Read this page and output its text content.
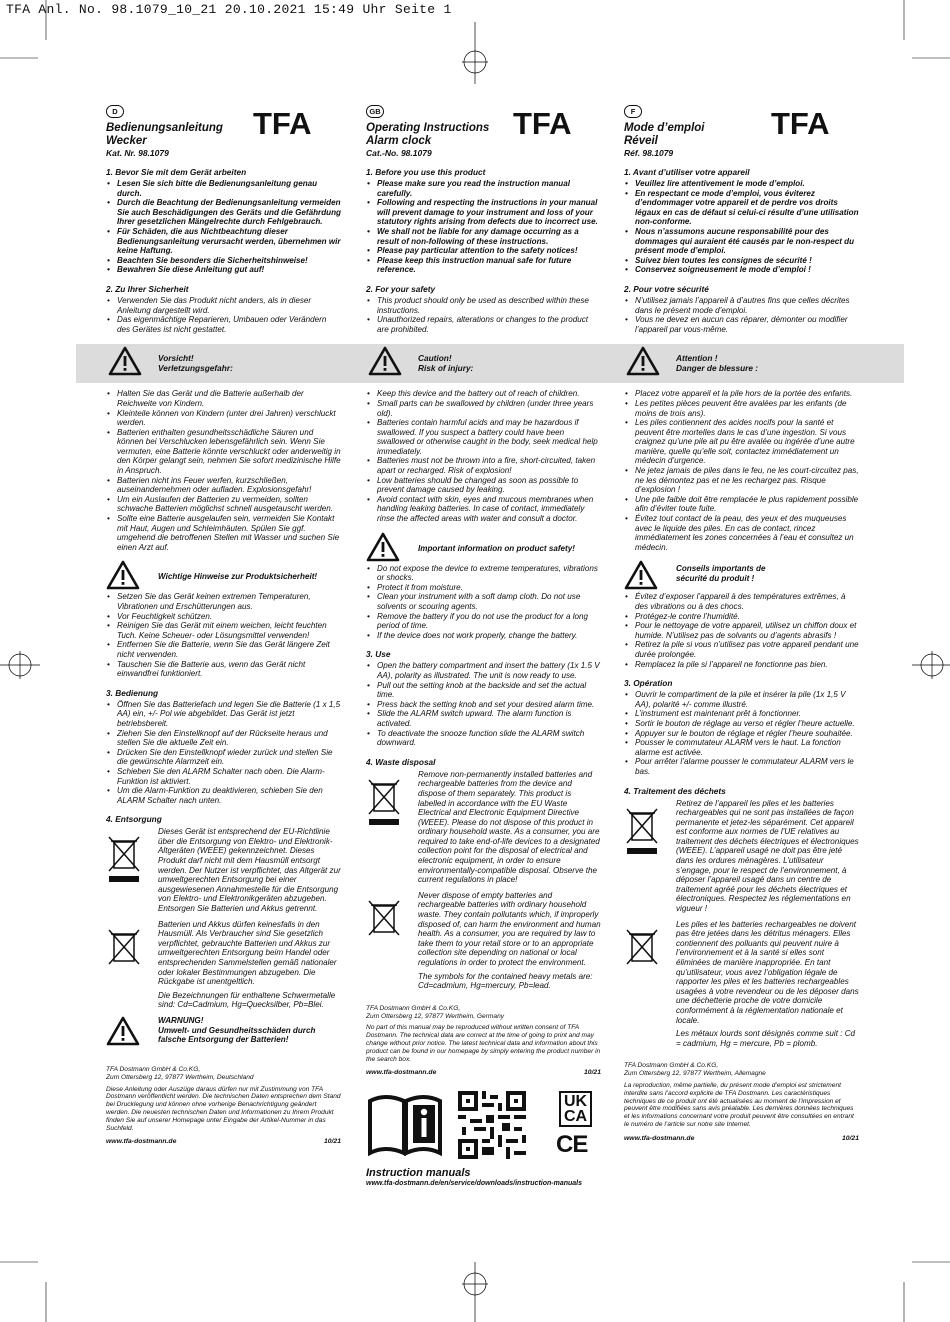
TFA Anl. No. 98.1079_10_21 20.10.2021 15:49 Uhr Seite 1
D	TFA
Bedienungsanleitung
Wecker
Kat. Nr. 98.1079
1. Bevor Sie mit dem Gerät arbeiten
• Lesen Sie sich bitte die Bedienungsanleitung genau durch.
• Durch die Beachtung der Bedienungsanleitung vermeiden Sie auch Beschädigungen des Geräts und die Gefährdung Ihrer gesetzlichen Mängelrechte durch Fehlgebrauch.
• Für Schäden, die aus Nichtbeachtung dieser Bedienungsanleitung verursacht werden, übernehmen wir keine Haftung.
• Beachten Sie besonders die Sicherheitshinweise!
• Bewahren Sie diese Anleitung gut auf!
2. Zu Ihrer Sicherheit
• Verwenden Sie das Produkt nicht anders, als in dieser Anleitung dargestellt wird.
• Das eigenmächtige Reparieren, Umbauen oder Verändern des Gerätes ist nicht gestattet.
Vorsicht!
Verletzungsgefahr:
• Halten Sie das Gerät und die Batterie außerhalb der Reichweite von Kindern.
• Kleinteile können von Kindern (unter drei Jahren) verschluckt werden.
• Batterien enthalten gesundheitsschädliche Säuren und können bei Verschlucken lebensgefährlich sein. Wenn Sie vermuten, eine Batterie könnte verschluckt oder anderweitig in den Körper gelangt sein, nehmen Sie sofort medizinische Hilfe in Anspruch.
• Batterien nicht ins Feuer werfen, kurzschließen, auseinandernehmen oder aufladen. Explosionsgefahr!
• Um ein Auslaufen der Batterien zu vermeiden, sollten schwache Batterien möglichst schnell ausgetauscht werden.
• Sollte eine Batterie ausgelaufen sein, vermeiden Sie Kontakt mit Haut, Augen und Schleimhäuten. Spülen Sie ggf. umgehend die betroffenen Stellen mit Wasser und suchen Sie einen Arzt auf.
Wichtige Hinweise zur Produktsicherheit!
• Setzen Sie das Gerät keinen extremen Temperaturen, Vibrationen und Erschütterungen aus.
• Vor Feuchtigkeit schützen.
• Reinigen Sie das Gerät mit einem weichen, leicht feuchten Tuch. Keine Scheuer- oder Lösungsmittel verwenden!
• Entfernen Sie die Batterie, wenn Sie das Gerät längere Zeit nicht verwenden.
• Tauschen Sie die Batterie aus, wenn das Gerät nicht einwandfrei funktioniert.
3. Bedienung
• Öffnen Sie das Batteriefach und legen Sie die Batterie (1 x 1,5 AA) ein, +/- Pol wie abgebildet. Das Gerät ist jetzt betriebsbereit.
• Ziehen Sie den Einstellknopf auf der Rückseite heraus und stellen Sie die aktuelle Zeit ein.
• Drücken Sie den Einstellknopf wieder zurück und stellen Sie die gewünschte Alarmzeit ein.
• Schieben Sie den ALARM Schalter nach oben. Die Alarm-Funktion ist aktiviert.
• Um die Alarm-Funktion zu deaktivieren, schieben Sie den ALARM Schalter nach unten.
4. Entsorgung
Dieses Gerät ist entsprechend der EU-Richtlinie über die Entsorgung von Elektro- und Elektronik-Altgeräten (WEEE) gekennzeichnet. Dieses Produkt darf nicht mit dem Hausmüll entsorgt werden. Der Nutzer ist verpflichtet, das Altgerät zur umweltgerechten Entsorgung bei einer ausgewiesenen Annahmestelle für die Entsorgung von Elektro- und Elektronikgeräten abzugeben. Entsorgen Sie Batterien und Akkus getrennt.
Batterien und Akkus dürfen keinesfalls in den Hausmüll. Als Verbraucher sind Sie gesetzlich verpflichtet, gebrauchte Batterien und Akkus zur umweltgerechten Entsorgung beim Handel oder entsprechenden Sammelstellen gemäß nationaler oder lokaler Bestimmungen abzugeben. Die Rückgabe ist unentgeltlich.
Die Bezeichnungen für enthaltene Schwermetalle sind: Cd=Cadmium, Hg=Quecksilber, Pb=Blei.
WARNUNG!
Umwelt- und Gesundheitsschäden durch falsche Entsorgung der Batterien!
TFA Dostmann GmbH & Co.KG,
Zum Ottersberg 12, 97877 Wertheim, Deutschland
Diese Anleitung oder Auszüge daraus dürfen nur mit Zustimmung von TFA Dostmann veröffentlicht werden. Die technischen Daten entsprechen dem Stand bei Drucklegung und können ohne vorherige Benachrichtigung geändert werden. Die neuesten technischen Daten und Informationen zu Ihrem Produkt finden Sie auf unserer Homepage unter Eingabe der Artikel-Nummer in das Suchfeld.
www.tfa-dostmann.de	10/21
GB	TFA
Operating Instructions
Alarm clock
Cat.-No. 98.1079
1. Before you use this product
• Please make sure you read the instruction manual carefully.
• Following and respecting the instructions in your manual will prevent damage to your instrument and loss of your statutory rights arising from defects due to incorrect use.
• We shall not be liable for any damage occurring as a result of non-following of these instructions.
• Please pay particular attention to the safety notices!
• Please keep this instruction manual safe for future reference.
2. For your safety
• This product should only be used as described within these instructions.
• Unauthorized repairs, alterations or changes to the product are prohibited.
Caution!
Risk of injury:
• Keep this device and the battery out of reach of children.
• Small parts can be swallowed by children (under three years old).
• Batteries contain harmful acids and may be hazardous if swallowed. If you suspect a battery could have been swallowed or otherwise caught in the body, seek medical help immediately.
• Batteries must not be thrown into a fire, short-circuited, taken apart or recharged. Risk of explosion!
• Low batteries should be changed as soon as possible to prevent damage caused by leaking.
• Avoid contact with skin, eyes and mucous membranes when handling leaking batteries. In case of contact, immediately rinse the affected areas with water and consult a doctor.
Important information on product safety!
• Do not expose the device to extreme temperatures, vibrations or shocks.
• Protect it from moisture.
• Clean your instrument with a soft damp cloth. Do not use solvents or scouring agents.
• Remove the battery if you do not use the product for a long period of time.
• If the device does not work properly, change the battery.
3. Use
• Open the battery compartment and insert the battery (1x 1.5 V AA), polarity as illustrated. The unit is now ready to use.
• Pull out the setting knob at the backside and set the actual time.
• Press back the setting knob and set your desired alarm time.
• Slide the ALARM switch upward. The alarm function is activated.
• To deactivate the snooze function slide the ALARM switch downward.
4. Waste disposal
Remove non-permanently installed batteries and rechargeable batteries from the device and dispose of them separately. This product is labelled in accordance with the EU Waste Electrical and Electronic Equipment Directive (WEEE). Please do not dispose of this product in ordinary household waste. As a consumer, you are required to take end-of-life devices to a designated collection point for the disposal of electrical and electronic equipment, in order to ensure environmentally-compatible disposal. Observe the current regulations in place!
Never dispose of empty batteries and rechargeable batteries with ordinary household waste. They contain pollutants which, if improperly disposed of, can harm the environment and human health. As a consumer, you are required by law to take them to your retail store or to an appropriate collection site depending on national or local regulations in order to protect the environment.
The symbols for the contained heavy metals are: Cd=cadmium, Hg=mercury, Pb=lead.
TFA Dostmann GmbH & Co.KG,
Zum Ottersberg 12, 97877 Wertheim, Germany
No part of this manual may be reproduced without written consent of TFA Dostmann. The technical data are correct at the time of going to print and may change without prior notice. The latest technical data and information about this product can be found in our homepage by simply entering the product number in the search box.
www.tfa-dostmann.de	10/21
UK
CA
CE
Instruction manuals
www.tfa-dostmann.de/en/service/downloads/instruction-manuals
F	TFA
Mode d’emploi
Réveil
Réf. 98.1079
1. Avant d’utiliser votre appareil
• Veuillez lire attentivement le mode d’emploi.
• En respectant ce mode d’emploi, vous éviterez d’endommager votre appareil et de perdre vos droits légaux en cas de défaut si celui-ci résulte d’une utilisation non-conforme.
• Nous n’assumons aucune responsabilité pour des dommages qui auraient été causés par le non-respect du présent mode d’emploi.
• Suivez bien toutes les consignes de sécurité !
• Conservez soigneusement le mode d’emploi !
2. Pour votre sécurité
• N’utilisez jamais l’appareil à d’autres fins que celles décrites dans le présent mode d’emploi.
• Vous ne devez en aucun cas réparer, démonter ou modifier l’appareil par vous-même.
Attention !
Danger de blessure :
• Placez votre appareil et la pile hors de la portée des enfants.
• Les petites pièces peuvent être avalées par les enfants (de moins de trois ans).
• Les piles contiennent des acides nocifs pour la santé et peuvent être mortelles dans le cas d’une ingestion. Si vous craignez qu’une pile ait pu être avalée ou ingérée d’une autre manière, quelle qu’elle soit, contactez immédiatement un médecin d’urgence.
• Ne jetez jamais de piles dans le feu, ne les court-circuitez pas, ne les démontez pas et ne les rechargez pas. Risque d’explosion !
• Une pile faible doit être remplacée le plus rapidement possible afin d’éviter toute fuite.
• Évitez tout contact de la peau, des yeux et des muqueuses avec le liquide des piles. En cas de contact, rincez immédiatement les zones concernées à l’eau et consultez un médecin.
Conseils importants de sécurité du produit !
• Évitez d’exposer l’appareil à des températures extrêmes, à des vibrations ou à des chocs.
• Protégez-le contre l’humidité.
• Pour le nettoyage de votre appareil, utilisez un chiffon doux et humide. N’utilisez pas de solvants ou d’agents abrasifs !
• Retirez la pile si vous n’utilisez pas votre appareil pendant une durée prolongée.
• Remplacez la pile si l’appareil ne fonctionne pas bien.
3. Opération
• Ouvrir le compartiment de la pile et insérer la pile (1x 1,5 V AA), polarité +/- comme illustré.
• L’instrument est maintenant prêt à fonctionner.
• Sortir le bouton de réglage au verso et régler l’heure actuelle.
• Appuyer sur le bouton de réglage et régler l’heure souhaitée.
• Pousser le commutateur ALARM vers le haut. La fonction alarme est activée.
• Pour arrêter l’alarme pousser le commutateur ALARM vers le bas.
4. Traitement des déchets
Retirez de l’appareil les piles et les batteries rechargeables qui ne sont pas installées de façon permanente et jetez-les séparément. Cet appareil est conforme aux normes de l’UE relatives au traitement des déchets électriques et électroniques (WEEE). L’appareil usagé ne doit pas être jeté dans les ordures ménagères. L’utilisateur s’engage, pour le respect de l’environnement, à déposer l’appareil usagé dans un centre de traitement agréé pour les déchets électriques et électroniques. Respectez les réglementations en vigueur !
Les piles et les batteries rechargeables ne doivent pas être jetées dans les détritus ménagers. Elles contiennent des polluants qui peuvent nuire à l’environnement et à la santé si elles sont éliminées de manière inappropriée. En tant qu’utilisateur, vous avez l’obligation légale de rapporter les piles et les batteries rechargeables usagées à votre revendeur ou de les déposer dans une déchetterie proche de votre domicile conformément à la réglementation nationale et locale.
Les métaux lourds sont désignés comme suit : Cd = cadmium, Hg = mercure, Pb = plomb.
TFA Dostmann GmbH & Co.KG,
Zum Ottersberg 12, 97877 Wertheim, Allemagne
La reproduction, même partielle, du présent mode d’emploi est strictement interdite sans l’accord explicite de TFA Dostmann. Les caractéristiques techniques de ce produit ont été actualisées au moment de l’impression et peuvent être modifiées sans avis préalable. Les dernières données techniques et les informations concernant votre produit peuvent être consultées en entrant le numéro de l’article sur notre site Internet.
www.tfa-dostmann.de	10/21
